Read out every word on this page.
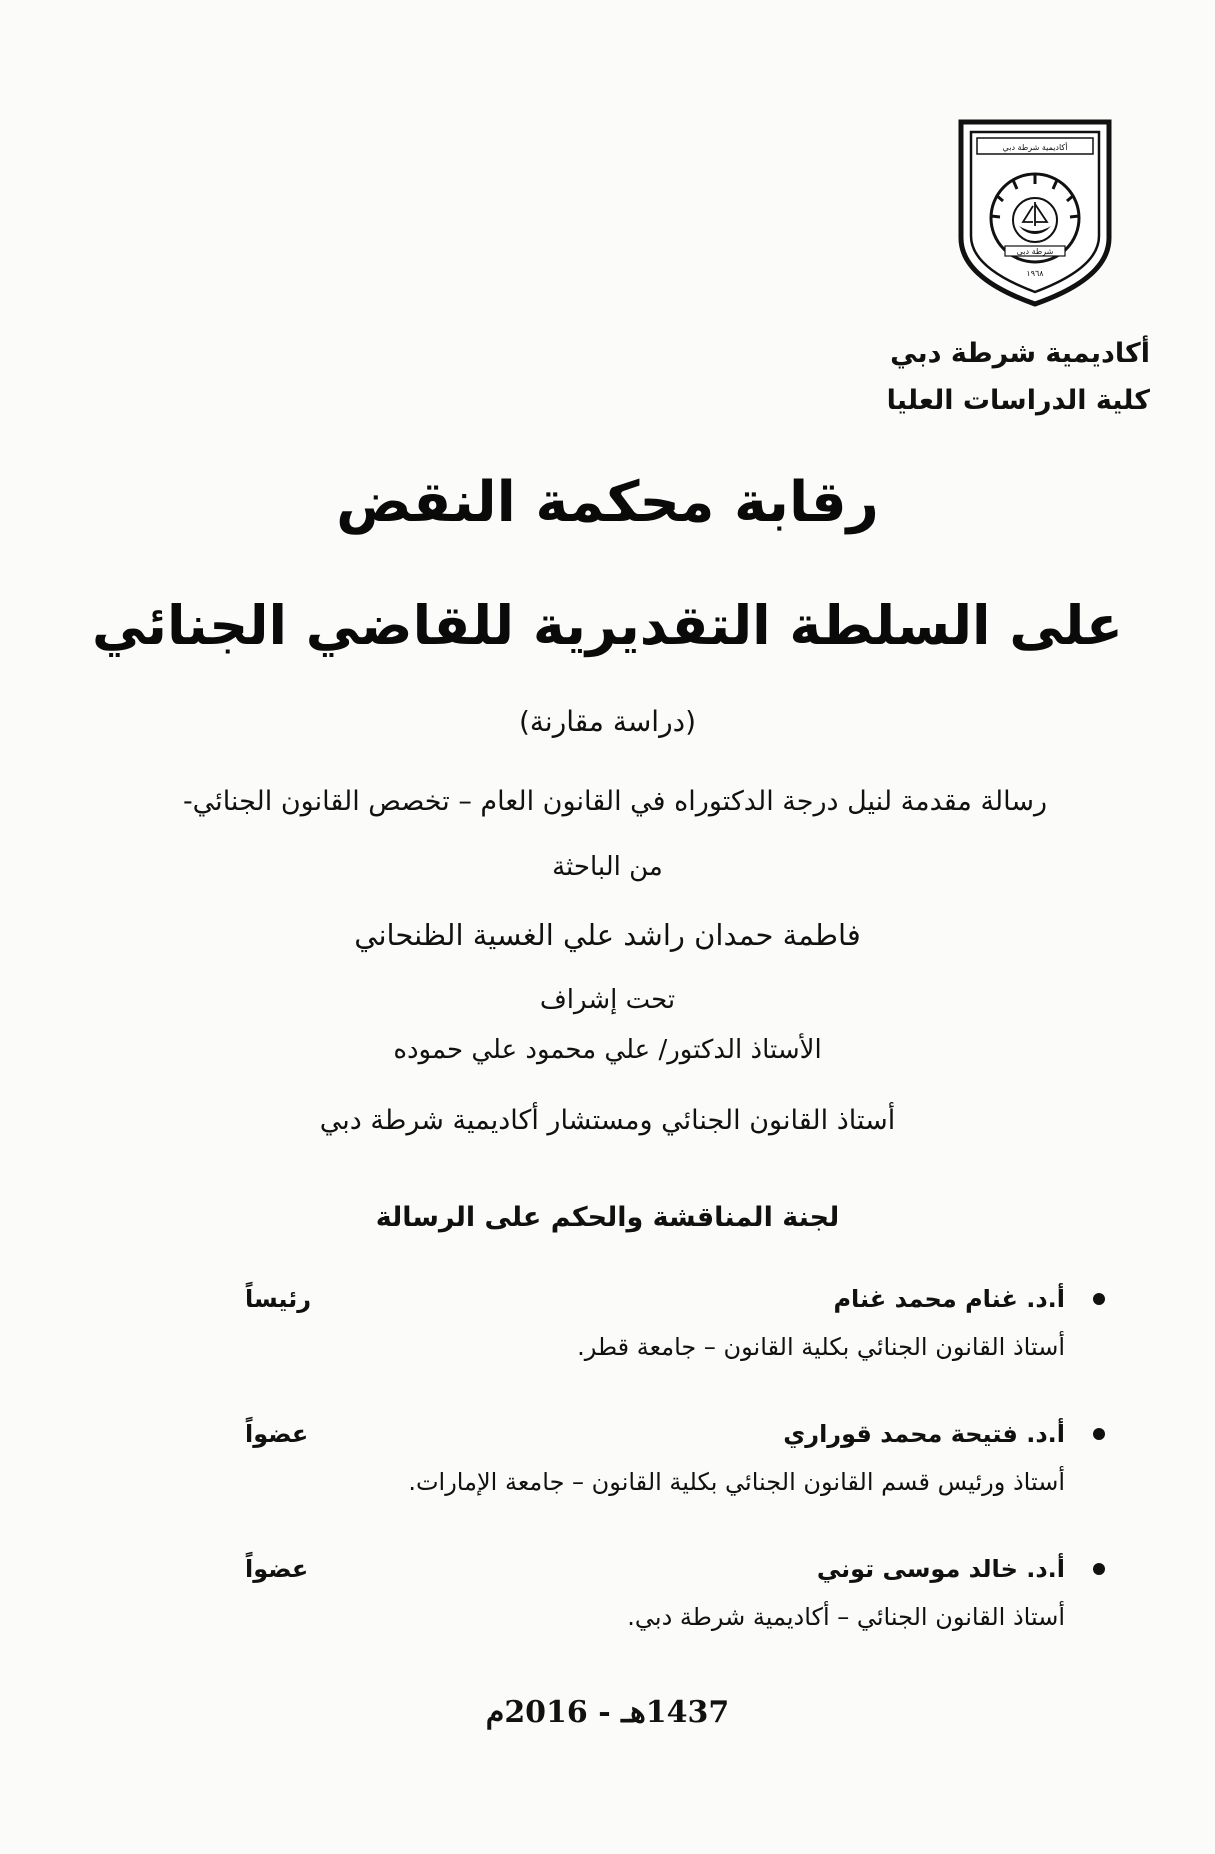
أكاديمية شرطة دبي
شرطة دبي
١٩٦٨
أكاديمية شرطة دبي
كلية الدراسات العليا
رقابة محكمة النقض
على السلطة التقديرية للقاضي الجنائي
(دراسة مقارنة)
رسالة مقدمة لنيل درجة الدكتوراه في القانون العام – تخصص القانون الجنائي-
من الباحثة
فاطمة حمدان راشد علي الغسية الظنحاني
تحت إشراف
الأستاذ الدكتور/ علي محمود علي حموده
أستاذ القانون الجنائي ومستشار أكاديمية شرطة دبي
لجنة المناقشة والحكم على الرسالة
أ.د. غنام محمد غنام
رئيساً
أستاذ القانون الجنائي بكلية القانون – جامعة قطر.
أ.د. فتيحة محمد قوراري
عضواً
أستاذ ورئيس قسم القانون الجنائي بكلية القانون – جامعة الإمارات.
أ.د. خالد موسى توني
عضواً
أستاذ القانون الجنائي – أكاديمية شرطة دبي.
1437هـ - 2016م
